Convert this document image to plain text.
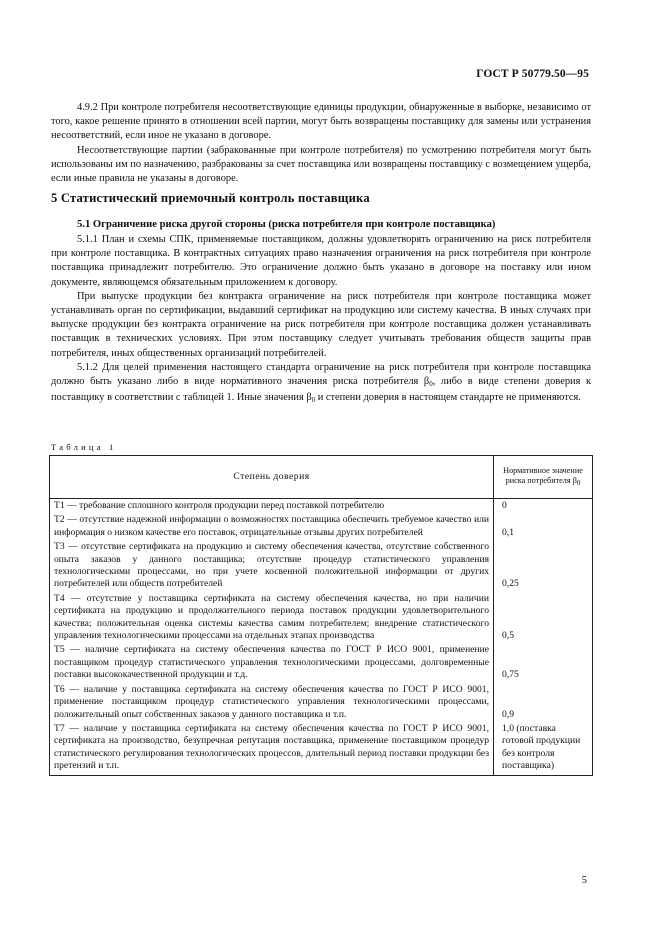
ГОСТ Р 50779.50—95

4.9.2 При контроле потребителя несоответствующие единицы продукции, обнаруженные в выборке, независимо от того, какое решение принято в отношении всей партии, могут быть возвращены поставщику для замены или устранения несоответствий, если иное не указано в договоре.

Несоответствующие партии (забракованные при контроле потребителя) по усмотрению потребителя могут быть использованы им по назначению, разбракованы за счет поставщика или возвращены поставщику с возмещением ущерба, если иные правила не указаны в договоре.

5 Статистический приемочный контроль поставщика
5.1 Ограничение риска другой стороны (риска потребителя при контроле поставщика)

5.1.1 План и схемы СПК, применяемые поставщиком, должны удовлетворять ограничению на риск потребителя при контроле поставщика. В контрактных ситуациях право назначения ограничения на риск потребителя при контроле поставщика принадлежит потребителю. Это ограничение должно быть указано в договоре на поставку или ином документе, являющемся обязательным приложением к договору.

При выпуске продукции без контракта ограничение на риск потребителя при контроле поставщика может устанавливать орган по сертификации, выдавший сертификат на продукцию или систему качества. В иных случаях при выпуске продукции без контракта ограничение на риск потребителя при контроле поставщика должен устанавливать поставщик в технических условиях. При этом поставщику следует учитывать требования обществ защиты прав потребителя, иных общественных организаций потребителей.

5.1.2 Для целей применения настоящего стандарта ограничение на риск потребителя при контроле поставщика должно быть указано либо в виде нормативного значения риска потребителя $\beta_0$, либо в виде степени доверия к поставщику в соответствии с таблицей 1. Иные значения $\beta_0$ и степени доверия в настоящем стандарте не применяются.

Таблица 1
Степень доверия	Нормативное значение риска потребителя $\beta_0$
Т1 — требование сплошного контроля продукции перед поставкой потребителю	0
Т2 — отсутствие надежной информации о возможностях поставщика обеспечить требуемое качество или информация о низком качестве его поставок, отрицательные отзывы других потребителей	0,1
Т3 — отсутствие сертификата на продукцию и систему обеспечения качества, отсутствие собственного опыта заказов у данного поставщика; отсутствие процедур статистического управления технологическими процессами, но при учете косвенной положительной информации от других потребителей или обществ потребителей	0,25
Т4 — отсутствие у поставщика сертификата на систему обеспечения качества, но при наличии сертификата на продукцию и продолжительного периода поставок продукции удовлетворительного качества; положительная оценка системы качества самим потребителем; внедрение статистического управления технологическими процессами на отдельных этапах производства	0,5
Т5 — наличие сертификата на систему обеспечения качества по ГОСТ Р ИСО 9001, применение поставщиком процедур статистического управления технологическими процессами, долговременные поставки высококачественной продукции и т.д.	0,75
Т6 — наличие у поставщика сертификата на систему обеспечения качества по ГОСТ Р ИСО 9001, применение поставщиком процедур статистического управления технологическими процессами, положительный опыт собственных заказов у данного поставщика и т.п.	0,9
Т7 — наличие у поставщика сертификата на систему обеспечения качества по ГОСТ Р ИСО 9001, сертификата на производство, безупречная репутация поставщика, применение поставщиком процедур статистического регулирования технологических процессов, длительный период поставки продукции без претензий и т.п.	1,0 (поставка готовой продукции без контроля поставщика)
5
